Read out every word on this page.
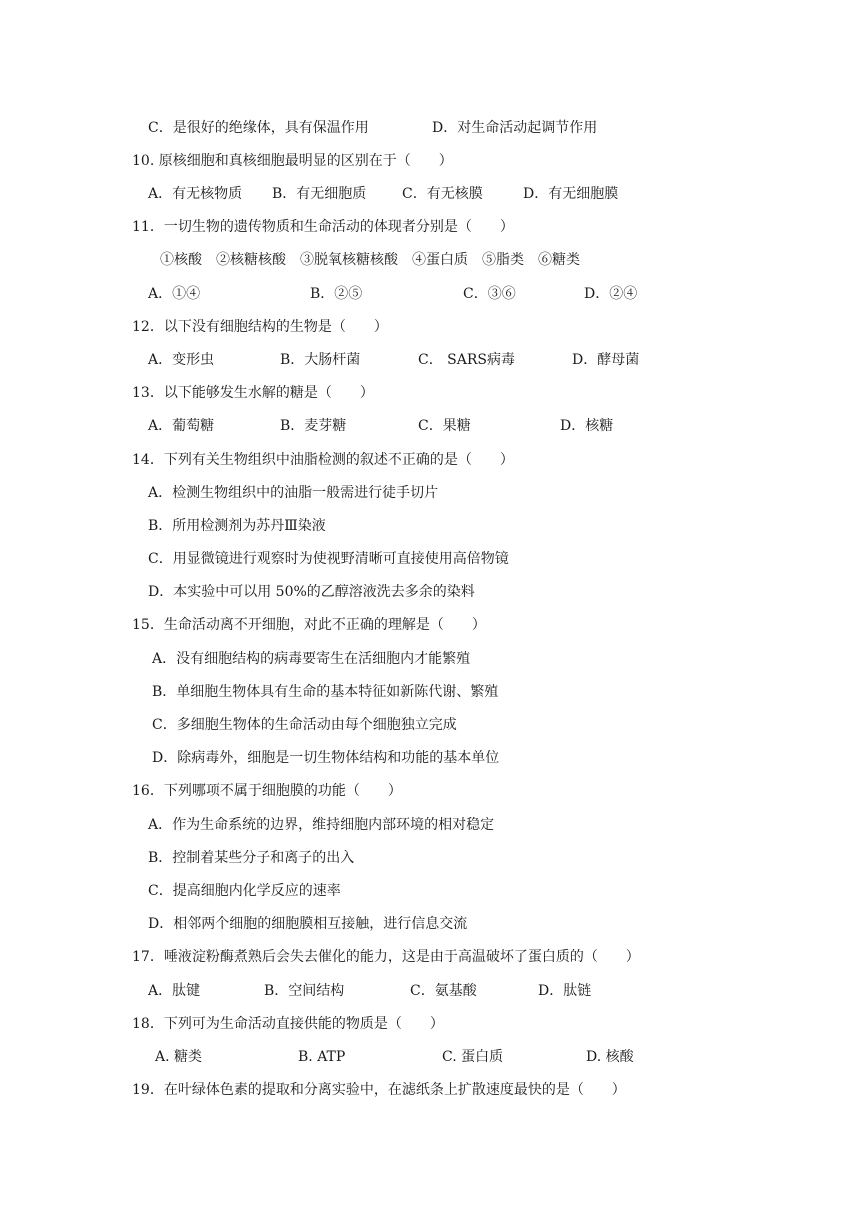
C．是很好的绝缘体，具有保温作用	D．对生命活动起调节作用
10. 原核细胞和真核细胞最明显的区别在于（　　）
A．有无核物质 B．有无细胞质	C．有无核膜	D．有无细胞膜
11．一切生物的遗传物质和生命活动的体现者分别是（　　）
①核酸　②核糖核酸　③脱氧核糖核酸　④蛋白质　⑤脂类　⑥糖类
A．①④	B．②⑤	C．③⑥	D．②④
12．以下没有细胞结构的生物是（　　）
A．变形虫	B．大肠杆菌	C． SARS病毒	D．酵母菌
13．以下能够发生水解的糖是（　　）
A．葡萄糖	B．麦芽糖	C．果糖	D．核糖
14．下列有关生物组织中油脂检测的叙述不正确的是（　　）
A．检测生物组织中的油脂一般需进行徒手切片
B．所用检测剂为苏丹Ⅲ染液
C．用显微镜进行观察时为使视野清晰可直接使用高倍物镜
D．本实验中可以用 50%的乙醇溶液洗去多余的染料
15．生命活动离不开细胞，对此不正确的理解是（　　）
A．没有细胞结构的病毒要寄生在活细胞内才能繁殖
B．单细胞生物体具有生命的基本特征如新陈代谢、繁殖
C．多细胞生物体的生命活动由每个细胞独立完成
D．除病毒外，细胞是一切生物体结构和功能的基本单位
16．下列哪项不属于细胞膜的功能（　　）
A．作为生命系统的边界，维持细胞内部环境的相对稳定
B．控制着某些分子和离子的出入
C．提高细胞内化学反应的速率
D．相邻两个细胞的细胞膜相互接触，进行信息交流
17．唾液淀粉酶煮熟后会失去催化的能力，这是由于高温破坏了蛋白质的（　　）
A．肽键	B．空间结构	C．氨基酸	D．肽链
18．下列可为生命活动直接供能的物质是（　　）
A. 糖类	B. ATP	C. 蛋白质	D. 核酸
19．在叶绿体色素的提取和分离实验中，在滤纸条上扩散速度最快的是（　　）
